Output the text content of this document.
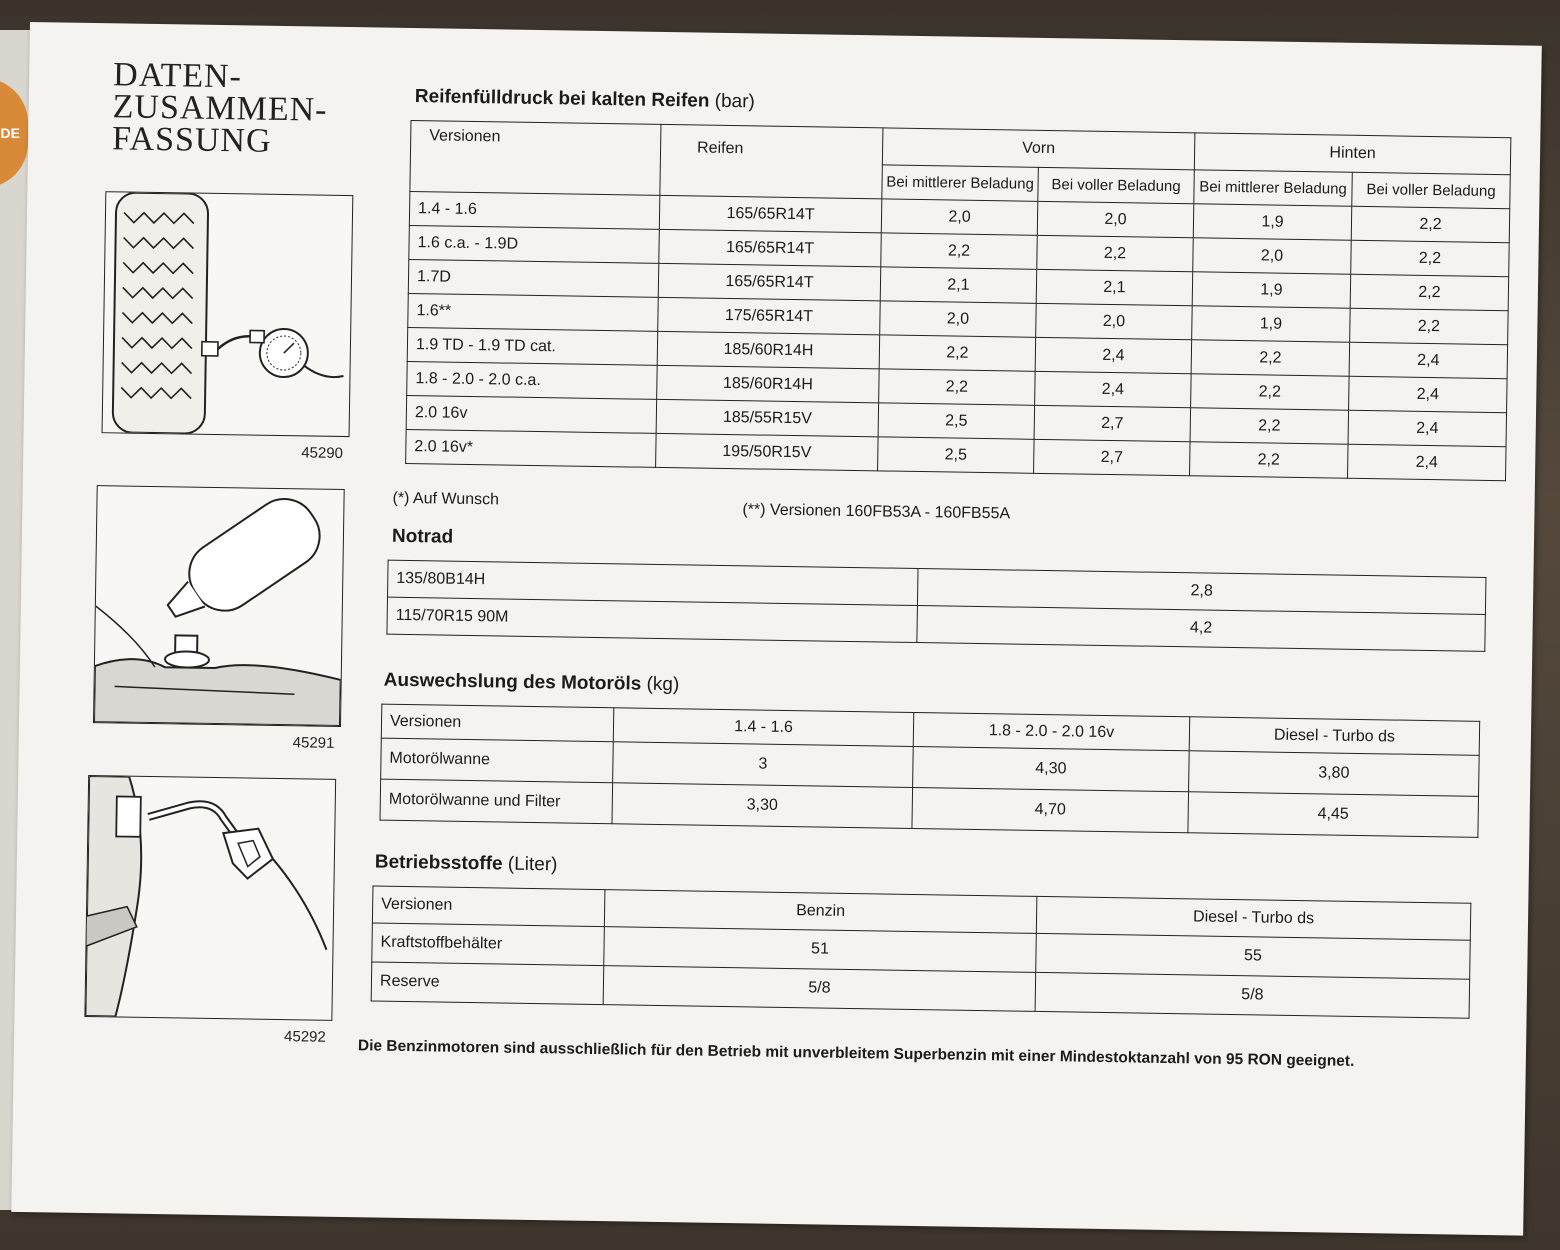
DE
DATEN-
ZUSAMMEN-
FASSUNG
45290
45291
45292
Reifenfülldruck bei kalten Reifen (bar)
Versionen	Reifen	Vorn		Hinten	
		Bei mittlerer Beladung	Bei voller Beladung	Bei mittlerer Beladung	Bei voller Beladung
1.4 - 1.6	165/65R14T	2,0	2,0	1,9	2,2
1.6 c.a. - 1.9D	165/65R14T	2,2	2,2	2,0	2,2
1.7D	165/65R14T	2,1	2,1	1,9	2,2
1.6**	175/65R14T	2,0	2,0	1,9	2,2
1.9 TD - 1.9 TD cat.	185/60R14H	2,2	2,4	2,2	2,4
1.8 - 2.0 - 2.0 c.a.	185/60R14H	2,2	2,4	2,2	2,4
2.0 16v	185/55R15V	2,5	2,7	2,2	2,4
2.0 16v*	195/50R15V	2,5	2,7	2,2	2,4
(*) Auf Wunsch
(**) Versionen 160FB53A - 160FB55A
Notrad
135/80B14H	2,8
115/70R15 90M	4,2
Auswechslung des Motoröls (kg)
Versionen	1.4 - 1.6	1.8 - 2.0 - 2.0 16v	Diesel - Turbo ds
Motorölwanne	3	4,30	3,80
Motorölwanne und Filter	3,30	4,70	4,45
Betriebsstoffe (Liter)
Versionen	Benzin	Diesel - Turbo ds
Kraftstoffbehälter	51	55
Reserve	5/8	5/8
Die Benzinmotoren sind ausschließlich für den Betrieb mit unverbleitem Superbenzin mit einer Mindestoktanzahl von 95 RON geeignet.
